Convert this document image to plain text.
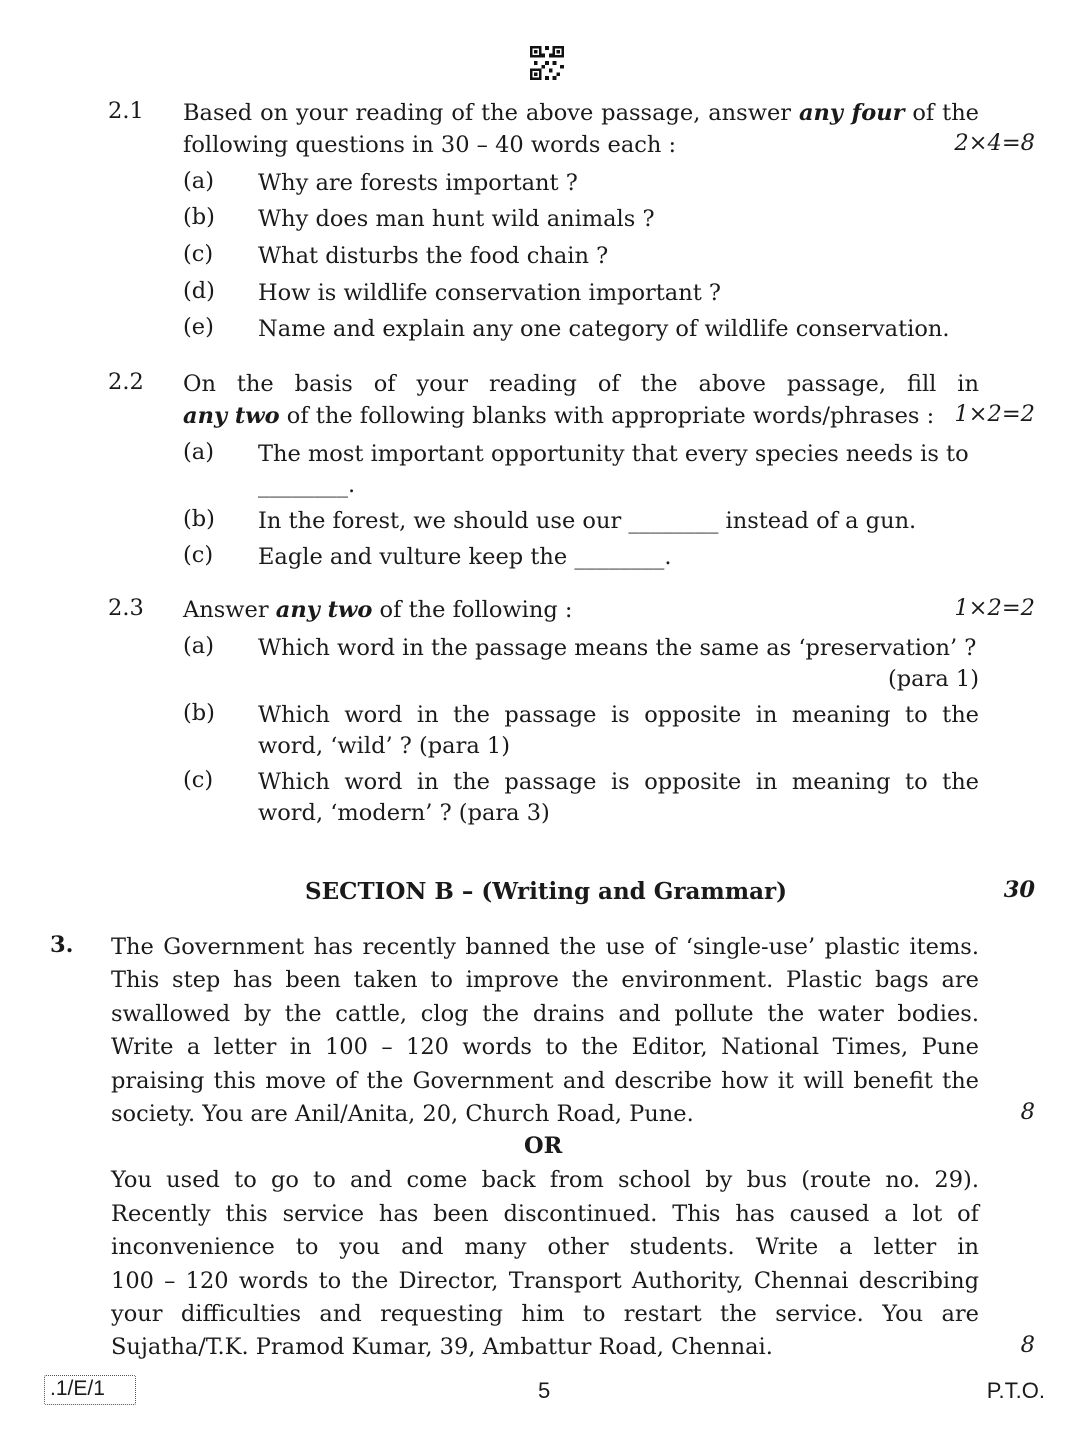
2.1 Based on your reading of the above passage, answer any four of the
following questions in 30 – 40 words each :	2×4=8
(a) Why are forests important ?
(b) Why does man hunt wild animals ?
(c) What disturbs the food chain ?
(d) How is wildlife conservation important ?
(e) Name and explain any one category of wildlife conservation.
2.2 On the basis of your reading of the above passage, fill in
any two of the following blanks with appropriate words/phrases : 1×2=2
(a) The most important opportunity that every species needs is to
________.
(b) In the forest, we should use our ________ instead of a gun.
(c) Eagle and vulture keep the ________.
2.3 Answer any two of the following :	1×2=2
(a) Which word in the passage means the same as ‘preservation’ ?
(para 1)
(b) Which word in the passage is opposite in meaning to the
word, ‘wild’ ? (para 1)
(c) Which word in the passage is opposite in meaning to the
word, ‘modern’ ? (para 3)
SECTION B – (Writing and Grammar)	30
3. The Government has recently banned the use of ‘single-use’ plastic items.
This step has been taken to improve the environment. Plastic bags are
swallowed by the cattle, clog the drains and pollute the water bodies.
Write a letter in 100 – 120 words to the Editor, National Times, Pune
praising this move of the Government and describe how it will benefit the
society. You are Anil/Anita, 20, Church Road, Pune.	8
OR
You used to go to and come back from school by bus (route no. 29).
Recently this service has been discontinued. This has caused a lot of
inconvenience to you and many other students. Write a letter in
100 – 120 words to the Director, Transport Authority, Chennai describing
your difficulties and requesting him to restart the service. You are
Sujatha/T.K. Pramod Kumar, 39, Ambattur Road, Chennai.	8
.1/E/1	5	P.T.O.
